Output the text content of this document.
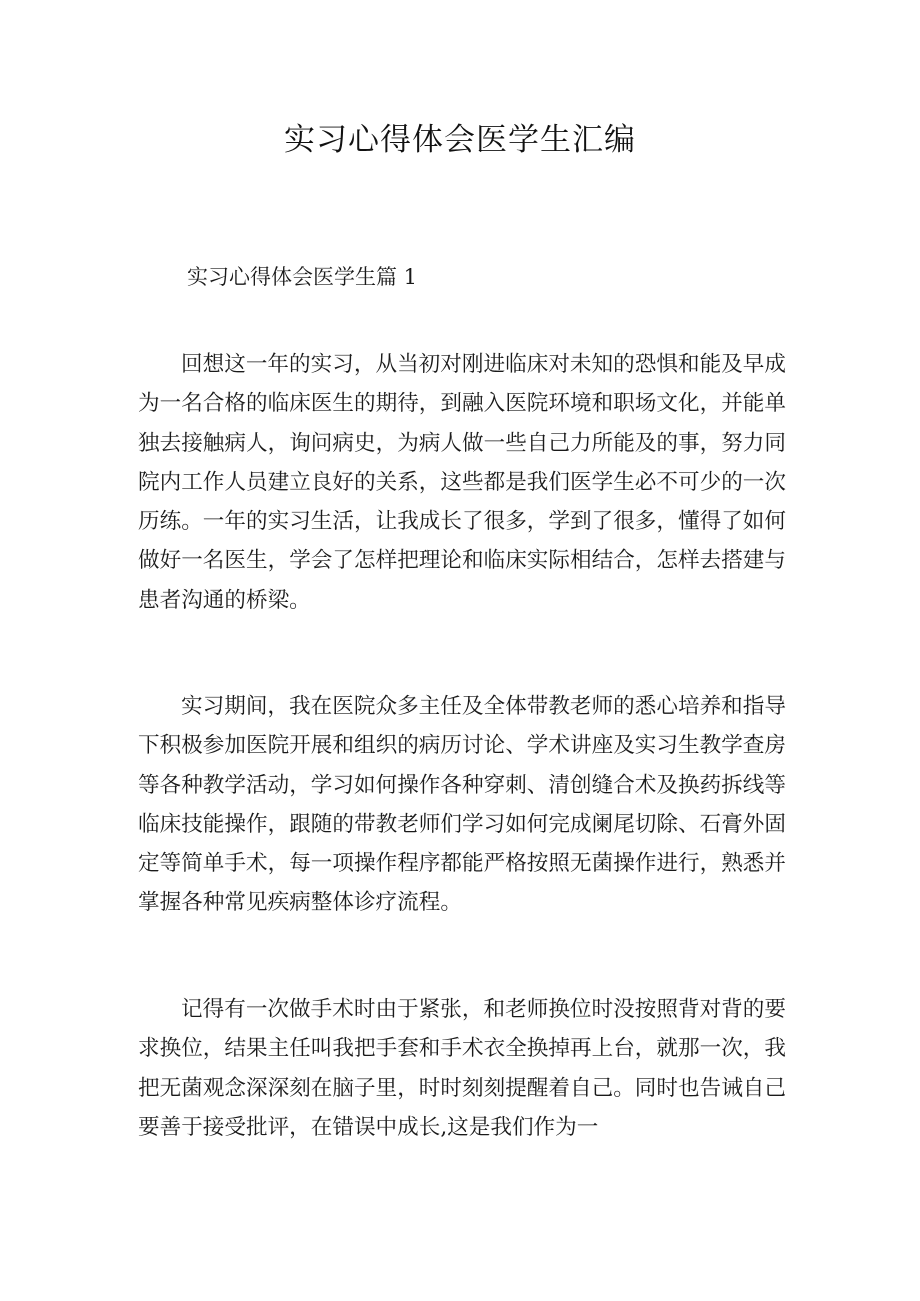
实习心得体会医学生汇编
实习心得体会医学生篇 1

回想这一年的实习，从当初对刚进临床对未知的恐惧和能及早成为一名合格的临床医生的期待，到融入医院环境和职场文化，并能单独去接触病人，询问病史，为病人做一些自己力所能及的事，努力同院内工作人员建立良好的关系，这些都是我们医学生必不可少的一次历练。一年的实习生活，让我成长了很多，学到了很多，懂得了如何做好一名医生，学会了怎样把理论和临床实际相结合，怎样去搭建与患者沟通的桥梁。

实习期间，我在医院众多主任及全体带教老师的悉心培养和指导下积极参加医院开展和组织的病历讨论、学术讲座及实习生教学查房等各种教学活动，学习如何操作各种穿刺、清创缝合术及换药拆线等临床技能操作，跟随的带教老师们学习如何完成阑尾切除、石膏外固定等简单手术，每一项操作程序都能严格按照无菌操作进行，熟悉并掌握各种常见疾病整体诊疗流程。

记得有一次做手术时由于紧张，和老师换位时没按照背对背的要求换位，结果主任叫我把手套和手术衣全换掉再上台，就那一次，我把无菌观念深深刻在脑子里，时时刻刻提醒着自己。同时也告诫自己要善于接受批评，在错误中成长,这是我们作为一
